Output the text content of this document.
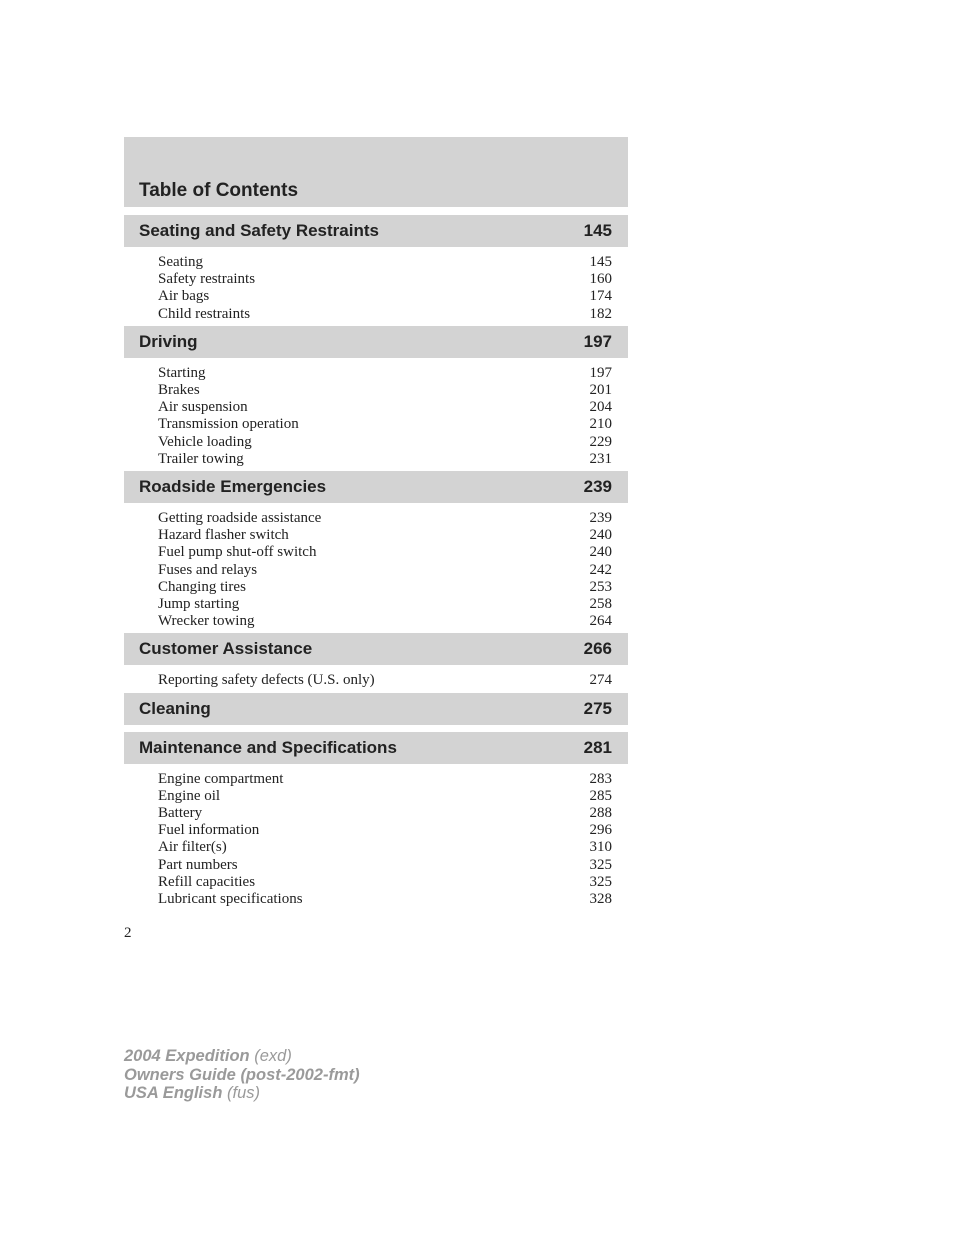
Table of Contents
Seating and Safety Restraints	145
Seating	145
Safety restraints	160
Air bags	174
Child restraints	182
Driving	197
Starting	197
Brakes	201
Air suspension	204
Transmission operation	210
Vehicle loading	229
Trailer towing	231
Roadside Emergencies	239
Getting roadside assistance	239
Hazard flasher switch	240
Fuel pump shut-off switch	240
Fuses and relays	242
Changing tires	253
Jump starting	258
Wrecker towing	264
Customer Assistance	266
Reporting safety defects (U.S. only)	274
Cleaning	275
Maintenance and Specifications	281
Engine compartment	283
Engine oil	285
Battery	288
Fuel information	296
Air filter(s)	310
Part numbers	325
Refill capacities	325
Lubricant specifications	328
2
2004 Expedition (exd)
Owners Guide (post-2002-fmt)
USA English (fus)
